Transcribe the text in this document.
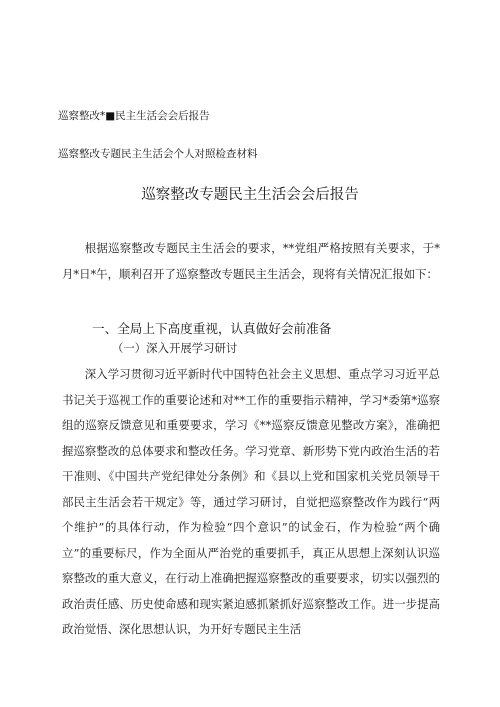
巡察整改*■民主生活会会后报告
巡察整改专题民主生活会个人对照检查材料
巡察整改专题民主生活会会后报告

根据巡察整改专题民主生活会的要求，**党组严格按照有关要求，于*月*日*午，顺利召开了巡察整改专题民主生活会，现将有关情况汇报如下：

一、全局上下高度重视，认真做好会前准备
（一）深入开展学习研讨

深入学习贯彻习近平新时代中国特色社会主义思想、重点学习习近平总书记关于巡视工作的重要论述和对**工作的重要指示精神，学习*委第*巡察组的巡察反馈意见和重要要求，学习《**巡察反馈意见整改方案》，准确把握巡察整改的总体要求和整改任务。学习党章、新形势下党内政治生活的若干准则、《中国共产党纪律处分条例》和《县以上党和国家机关党员领导干部民主生活会若干规定》等，通过学习研讨，自觉把巡察整改作为践行“两个维护”的具体行动，作为检验“四个意识”的试金石，作为检验“两个确立”的重要标尺，作为全面从严治党的重要抓手，真正从思想上深刻认识巡察整改的重大意义，在行动上准确把握巡察整改的重要要求，切实以强烈的政治责任感、历史使命感和现实紧迫感抓紧抓好巡察整改工作。进一步提高政治觉悟、深化思想认识，为开好专题民主生活
